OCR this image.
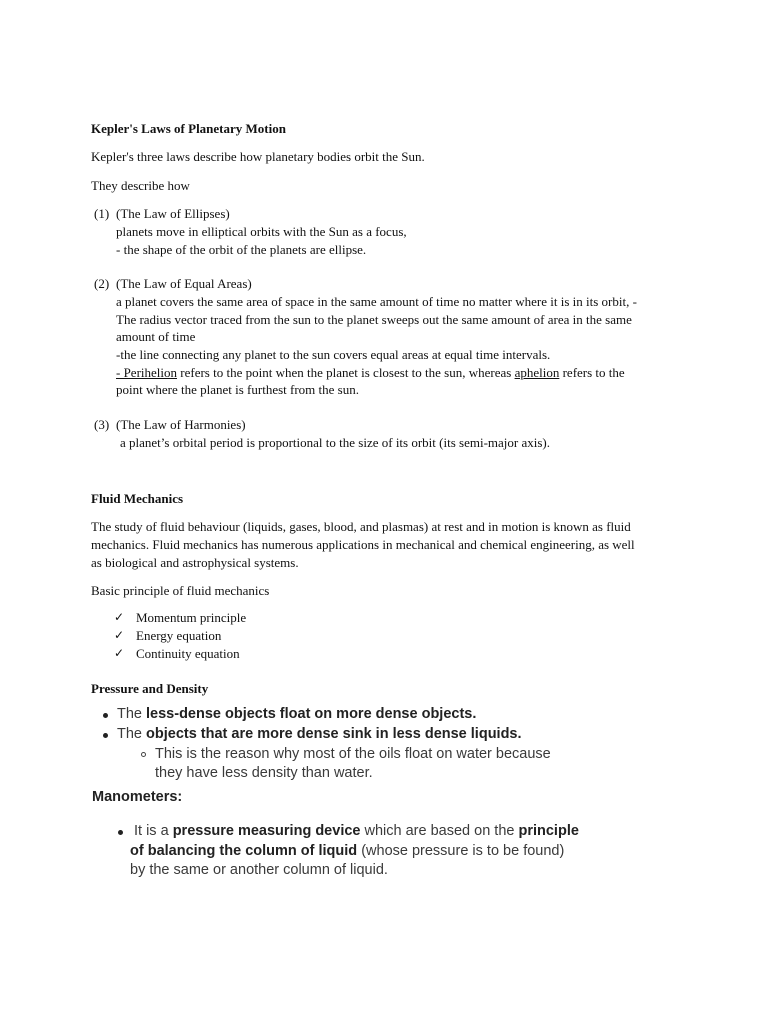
Kepler's Laws of Planetary Motion
Kepler's three laws describe how planetary bodies orbit the Sun.
They describe how
(1) (The Law of Ellipses)
planets move in elliptical orbits with the Sun as a focus,
- the shape of the orbit of the planets are ellipse.
(2) (The Law of Equal Areas)
a planet covers the same area of space in the same amount of time no matter where it is in its orbit, -
The radius vector traced from the sun to the planet sweeps out the same amount of area in the same
amount of time
-the line connecting any planet to the sun covers equal areas at equal time intervals.
- Perihelion refers to the point when the planet is closest to the sun, whereas aphelion refers to the
point where the planet is furthest from the sun.
(3) (The Law of Harmonies)
a planet’s orbital period is proportional to the size of its orbit (its semi-major axis).
Fluid Mechanics
The study of fluid behaviour (liquids, gases, blood, and plasmas) at rest and in motion is known as fluid
mechanics. Fluid mechanics has numerous applications in mechanical and chemical engineering, as well
as biological and astrophysical systems.
Basic principle of fluid mechanics
✓ Momentum principle
✓ Energy equation
✓ Continuity equation
Pressure and Density
The less-dense objects float on more dense objects.
The objects that are more dense sink in less dense liquids.
This is the reason why most of the oils float on water because
they have less density than water.
Manometers:
It is a pressure measuring device which are based on the principle
of balancing the column of liquid (whose pressure is to be found)
by the same or another column of liquid.
